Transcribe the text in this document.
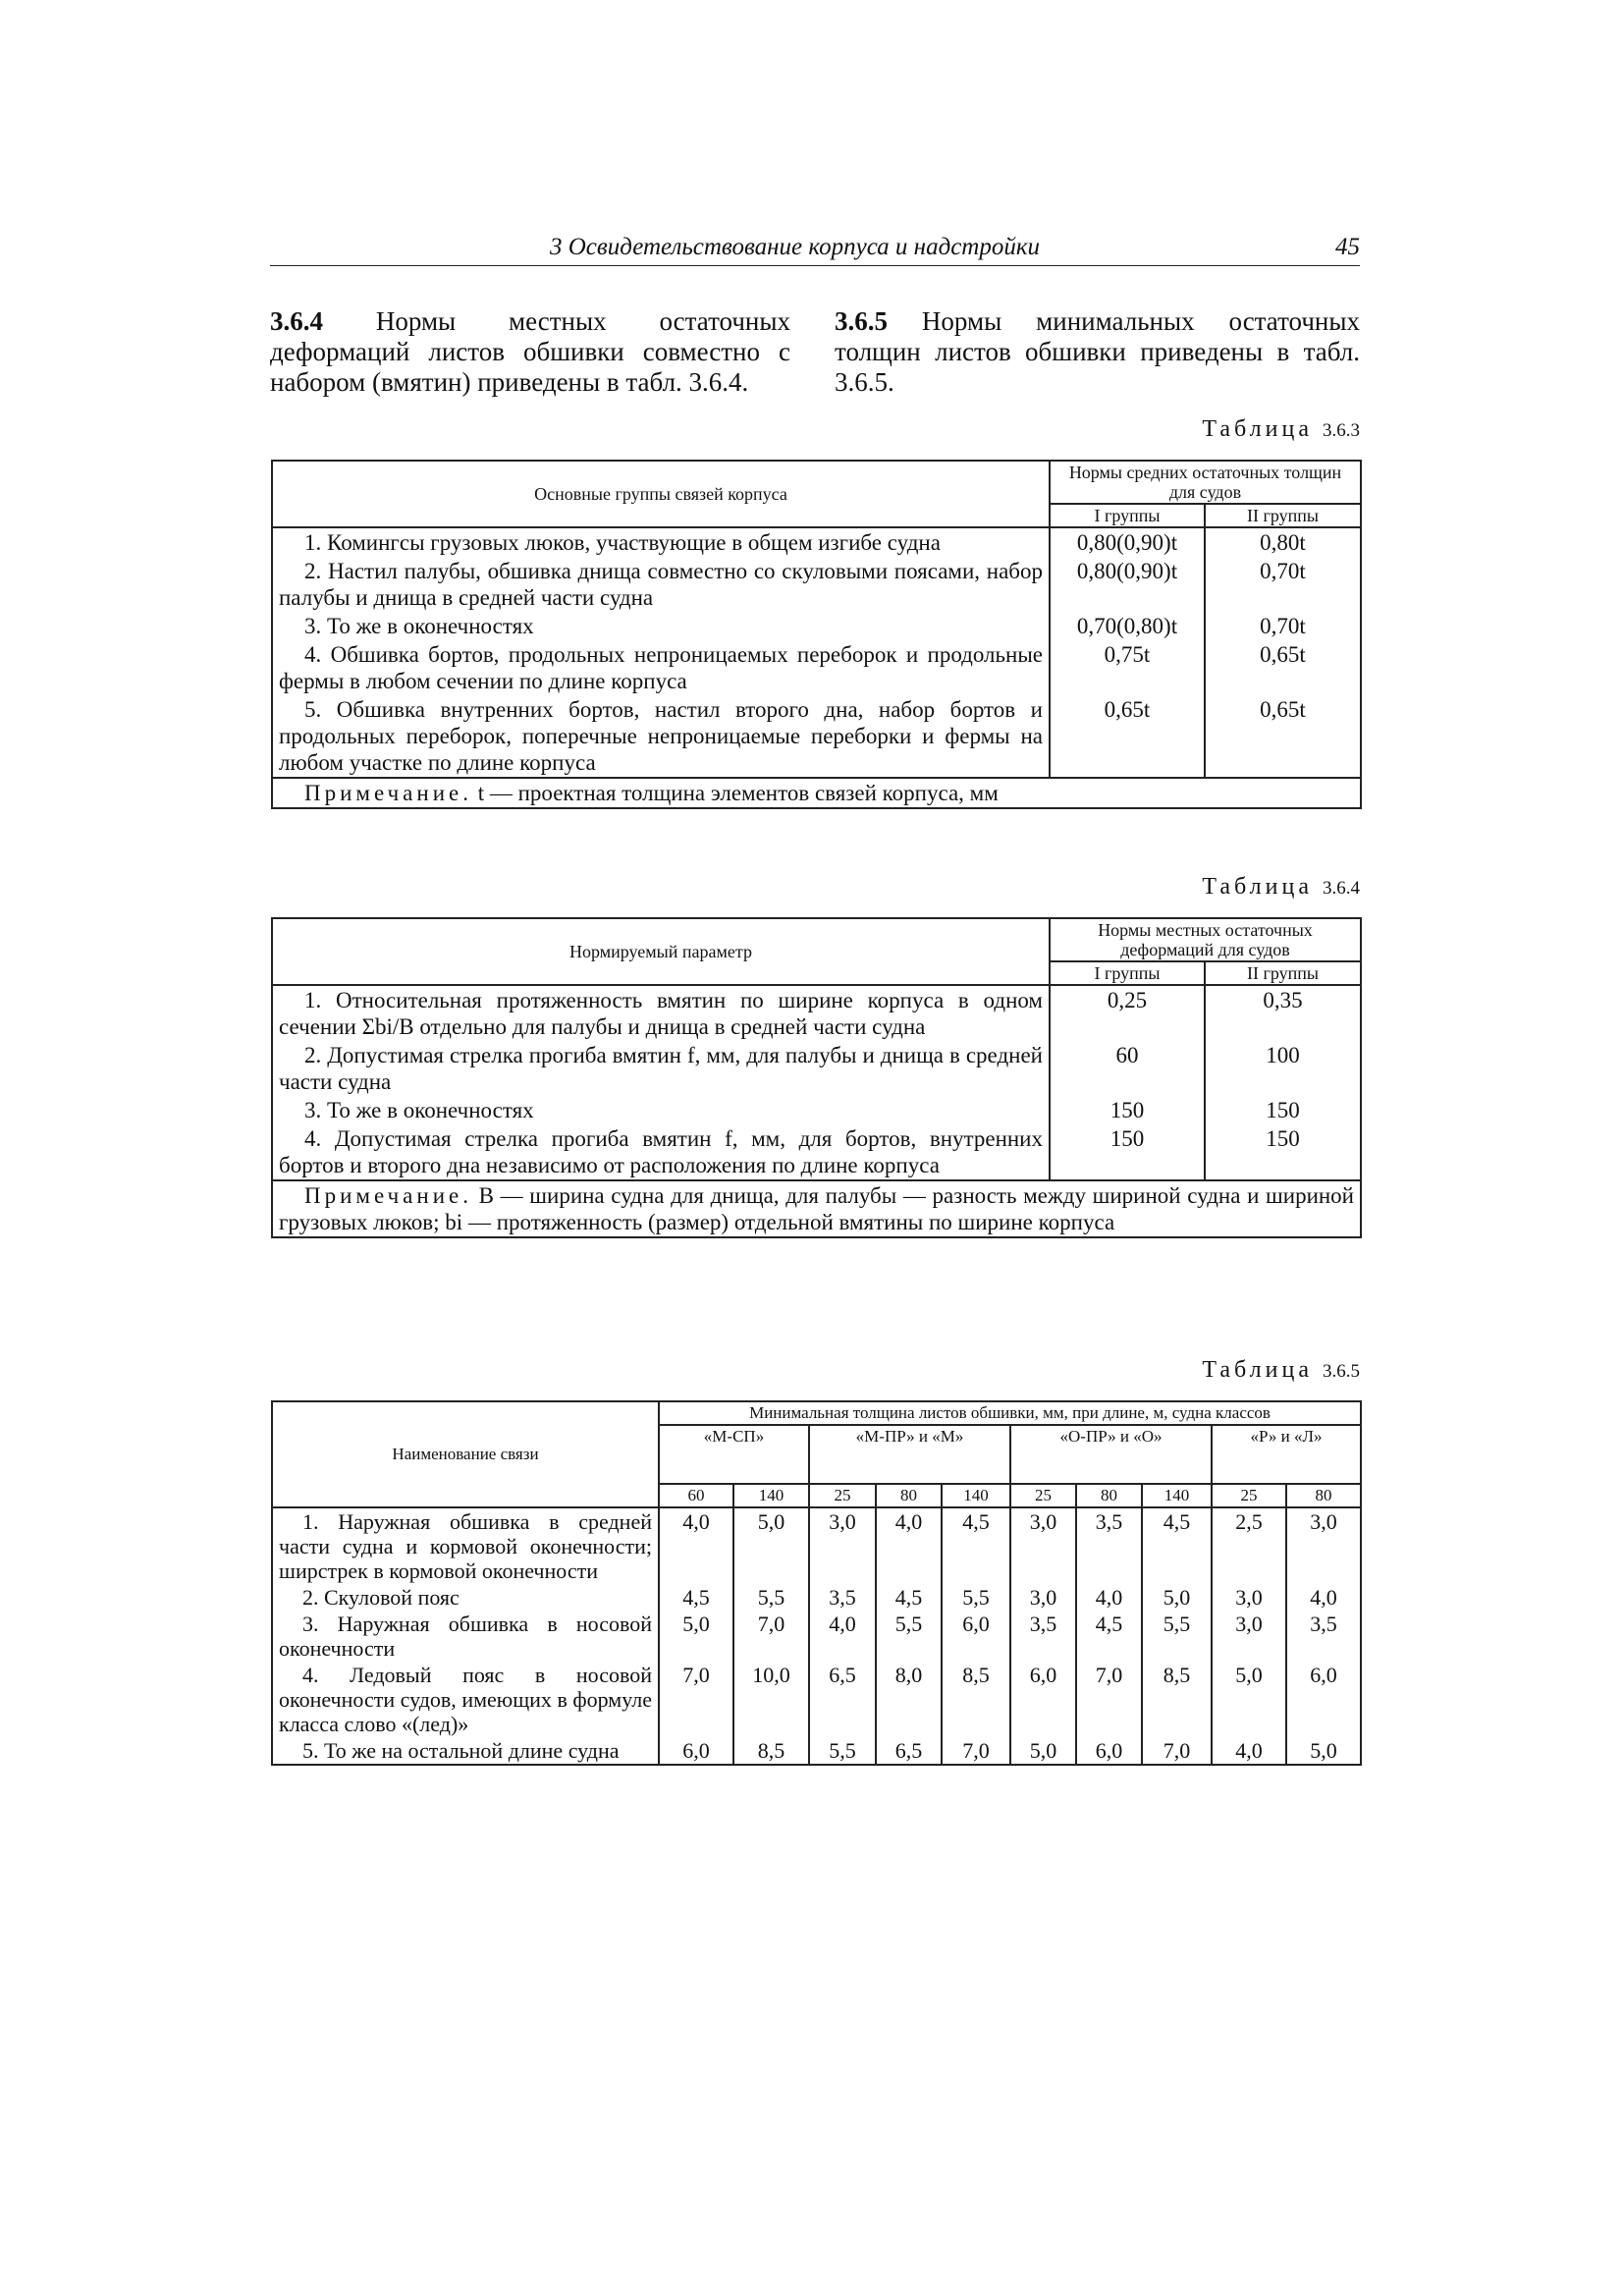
3 Освидетельствование корпуса и надстройки	45
3.6.4 Нормы местных остаточных деформаций листов обшивки совместно с набором (вмятин) приведены в табл. 3.6.4.
3.6.5 Нормы минимальных остаточных толщин листов обшивки приведены в табл. 3.6.5.
Таблица 3.6.3
Основные группы связей корпуса	Нормы средних остаточных толщин для судов	
	I группы	II группы
1. Комингсы грузовых люков, участвующие в общем изгибе судна	0,80(0,90)t	0,80t
2. Настил палубы, обшивка днища совместно со скуловыми поясами, набор палубы и днища в средней части судна	0,80(0,90)t	0,70t
3. То же в оконечностях	0,70(0,80)t	0,70t
4. Обшивка бортов, продольных непроницаемых переборок и продольные фермы в любом сечении по длине корпуса	0,75t	0,65t
5. Обшивка внутренних бортов, настил второго дна, набор бортов и продольных переборок, поперечные непроницаемые переборки и фермы на любом участке по длине корпуса	0,65t	0,65t
Примечание. t — проектная толщина элементов связей корпуса, мм		
Таблица 3.6.4
Нормируемый параметр	Нормы местных остаточных деформаций для судов	
	I группы	II группы
1. Относительная протяженность вмятин по ширине корпуса в одном сечении Σbi/B отдельно для палубы и днища в средней части судна	0,25	0,35
2. Допустимая стрелка прогиба вмятин f, мм, для палубы и днища в средней части судна	60	100
3. То же в оконечностях	150	150
4. Допустимая стрелка прогиба вмятин f, мм, для бортов, внутренних бортов и второго дна независимо от расположения по длине корпуса	150	150
Примечание. B — ширина судна для днища, для палубы — разность между шириной судна и шириной грузовых люков; bi — протяженность (размер) отдельной вмятины по ширине корпуса		
Таблица 3.6.5
Наименование связи	Минимальная толщина листов обшивки, мм, при длине, м, судна классов									
	«М-СП»		«М-ПР» и «М»			«О-ПР» и «О»			«Р» и «Л»	
	60	140	25	80	140	25	80	140	25	80
1. Наружная обшивка в средней части судна и кормовой оконечности; ширстрек в кормовой оконечности	4,0	5,0	3,0	4,0	4,5	3,0	3,5	4,5	2,5	3,0
2. Скуловой пояс	4,5	5,5	3,5	4,5	5,5	3,0	4,0	5,0	3,0	4,0
3. Наружная обшивка в носовой оконечности	5,0	7,0	4,0	5,5	6,0	3,5	4,5	5,5	3,0	3,5
4. Ледовый пояс в носовой оконечности судов, имеющих в формуле класса слово «(лед)»	7,0	10,0	6,5	8,0	8,5	6,0	7,0	8,5	5,0	6,0
5. То же на остальной длине судна	6,0	8,5	5,5	6,5	7,0	5,0	6,0	7,0	4,0	5,0
